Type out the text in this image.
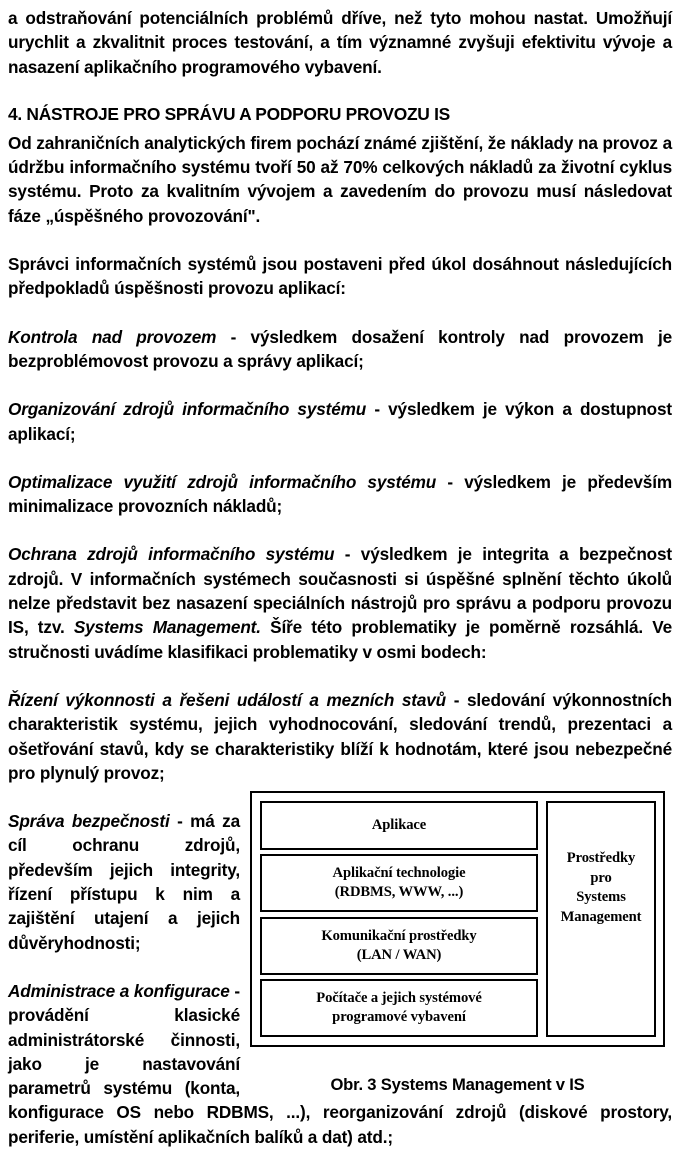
a odstraňování potenciálních problémů dříve, než tyto mohou nastat. Umožňují urychlit a zkvalitnit proces testování, a tím významné zvyšuji efektivitu vývoje a nasazení aplikačního programového vybavení.

4. NÁSTROJE PRO SPRÁVU A PODPORU PROVOZU IS

Od zahraničních analytických firem pochází známé zjištění, že náklady na provoz a údržbu informačního systému tvoří 50 až 70% celkových nákladů za životní cyklus systému. Proto za kvalitním vývojem a zavedením do provozu musí následovat fáze „úspěšného provozování".

Správci informačních systémů jsou postaveni před úkol dosáhnout následujících předpokladů úspěšnosti provozu aplikací:

Kontrola nad provozem - výsledkem dosažení kontroly nad provozem je bezproblémovost provozu a správy aplikací;

Organizování zdrojů informačního systému - výsledkem je výkon a dostupnost aplikací;

Optimalizace využití zdrojů informačního systému - výsledkem je především minimalizace provozních nákladů;

Ochrana zdrojů informačního systému - výsledkem je integrita a bezpečnost zdrojů. V informačních systémech současnosti si úspěšné splnění těchto úkolů nelze představit bez nasazení speciálních nástrojů pro správu a podporu provozu IS, tzv. Systems Management. Šíře této problematiky je poměrně rozsáhlá. Ve stručnosti uvádíme klasifikaci problematiky v osmi bodech:

Řízení výkonnosti a řešeni událostí a mezních stavů - sledování výkonnostních charakteristik systému, jejich vyhodnocování, sledování trendů, prezentaci a ošetřování stavů, kdy se charakteristiky blíží k hodnotám, které jsou nebezpečné pro plynulý provoz;

Aplikace
Aplikační technologie
(RDBMS, WWW, ...)
Komunikační prostředky
(LAN / WAN)
Počítače a jejich systémové
programové vybavení
Prostředky
pro
Systems
Management
Obr. 3 Systems Management v IS

Správa bezpečnosti - má za cíl ochranu zdrojů, především jejich integrity, řízení přístupu k nim a zajištění utajení a jejich důvěryhodnosti;

Administrace a konfigurace - provádění klasické administrátorské činnosti, jako je nastavování parametrů systému (konta, konfigurace OS nebo RDBMS, ...), reorganizování zdrojů (diskové prostory, periferie, umístění aplikačních balíků a dat) atd.;
